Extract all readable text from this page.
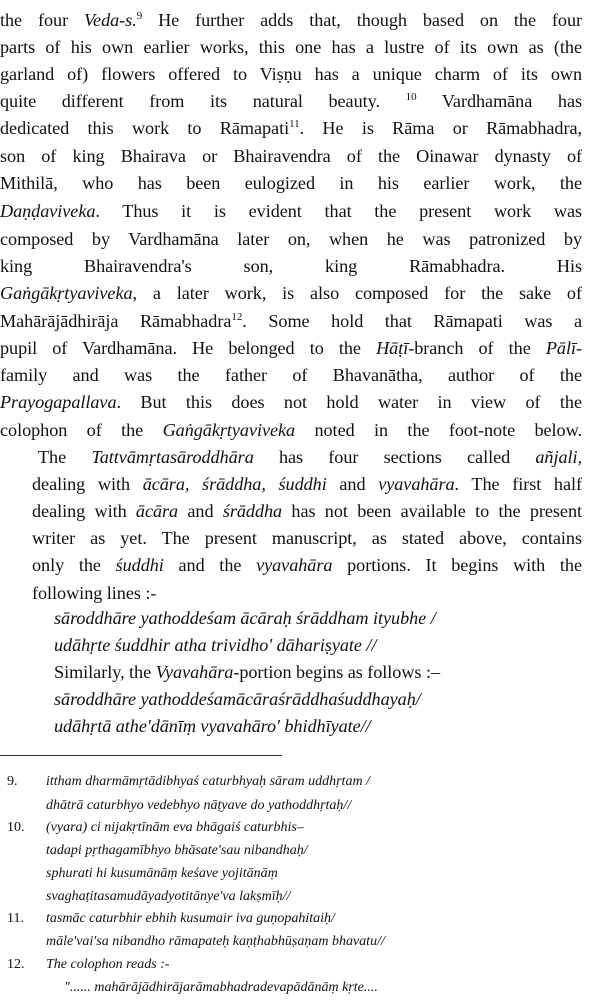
the four Veda-s.$^9$ He further adds that, though based on the four
parts of his own earlier works, this one has a lustre of its own as (the
garland of) flowers offered to Viṣṇu has a unique charm of its own
quite different from its natural beauty. $^{10}$ Vardhamāna has
dedicated this work to Rāmapati$^{11}$. He is Rāma or Rāmabhadra,
son of king Bhairava or Bhairavendra of the Oinawar dynasty of
Mithilā, who has been eulogized in his earlier work, the
Daṇḍaviveka. Thus it is evident that the present work was
composed by Vardhamāna later on, when he was patronized by
king Bhairavendra's son, king Rāmabhadra. His
Gaṅgākṛtyaviveka, a later work, is also composed for the sake of
Mahārājādhirāja Rāmabhadra$^{12}$. Some hold that Rāmapati was a
pupil of Vardhamāna. He belonged to the Hāṭī-branch of the Pālī-
family and was the father of Bhavanātha, author of the
Prayogapallava. But this does not hold water in view of the
colophon of the Gaṅgākṛtyaviveka noted in the foot-note below.
The Tattvāmṛtasāroddhāra has four sections called añjali,
dealing with ācāra, śrāddha, śuddhi and vyavahāra. The first half
dealing with ācāra and śrāddha has not been available to the present
writer as yet. The present manuscript, as stated above, contains
only the śuddhi and the vyavahāra portions. It begins with the
following lines :-
sāroddhāre yathoddeśam ācāraḥ śrāddham ityubhe /
udāhṛte śuddhir atha trividho' dāhariṣyate //
Similarly, the Vyavahāra-portion begins as follows :–
sāroddhāre yathoddeśamācāraśrāddhaśuddhayaḥ/
udāhṛtā athe'dānīṃ vyavahāro' bhidhīyate//
9.	ittham dharmāmṛtādibhyaś caturbhyaḥ sāram uddhṛtam /
dhātrā caturbhyo vedebhyo nāṭyave do yathoddhṛtaḥ//
10.	(vyara) ci nijakṛtīnām eva bhāgaiś caturbhis–
tadapi pṛthagamībhyo bhāsate'sau nibandhaḥ/
sphurati hi kusumānāṃ keśave yojitānāṃ
svaghaṭitasamudāyadyotitānye'va lakṣmīḥ//
11.	tasmāc caturbhir ebhih kusumair iva guṇopahitaiḥ/
māle'vai'sa nibandho rāmapateḥ kaṇṭhabhūṣaṇam bhavatu//
12.	The colophon reads :-
"...... mahārājādhirājarāmabhadradevapādānāṃ kṛte....
